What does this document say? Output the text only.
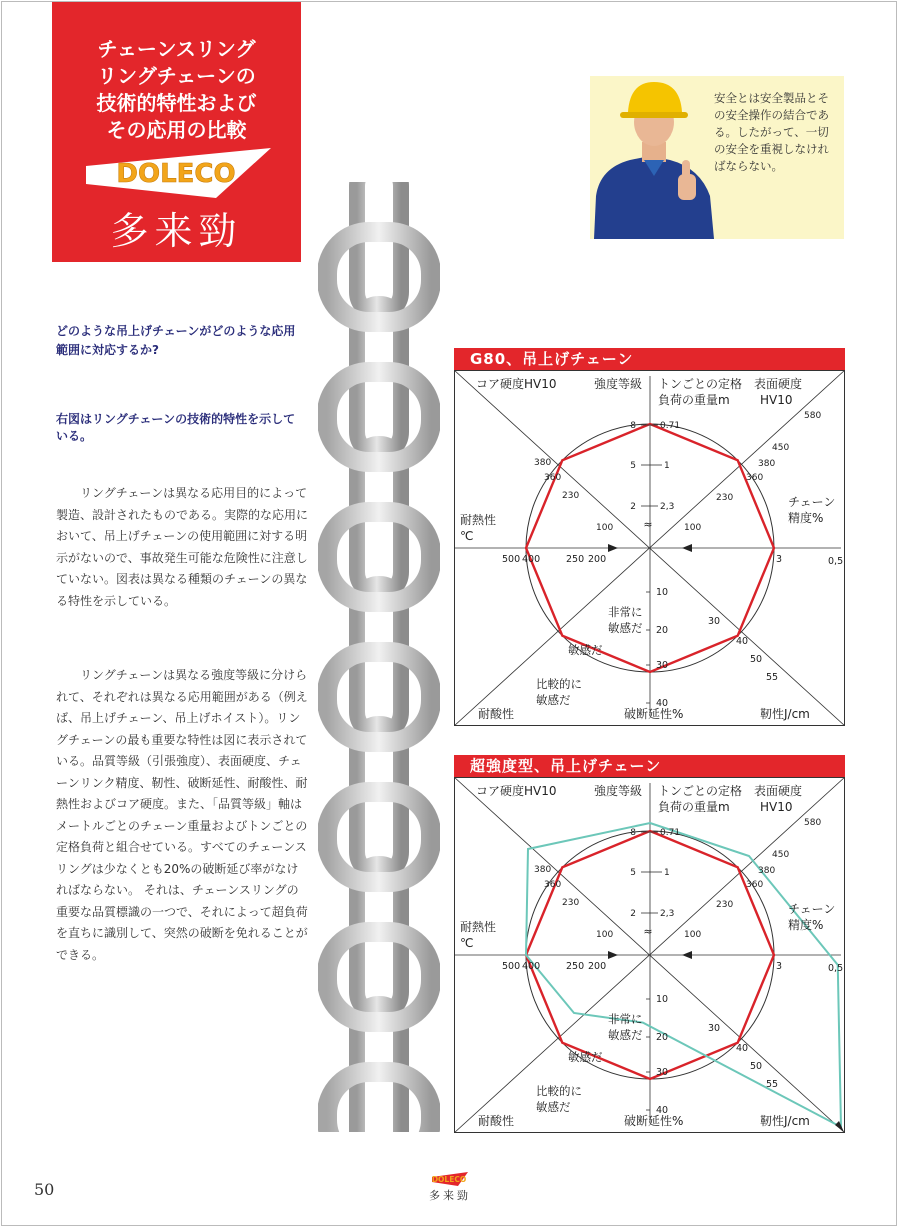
チェーンスリング
リングチェーンの
技術的特性および
その応用の比較
DOLECO
多来勁
安全とは安全製品とその安全操作の結合である。したがって、一切の安全を重視しなければならない。
どのような吊上げチェーンがどのような応用範囲に対応するか?
右図はリングチェーンの技術的特性を示している。
リングチェーンは異なる応用目的によって製造、設計されたものである。実際的な応用において、吊上げチェーンの使用範囲に対する明示がないので、事故発生可能な危険性に注意していない。図表は異なる種類のチェーンの異なる特性を示している。
リングチェーンは異なる強度等級に分けられて、それぞれは異なる応用範囲がある（例えば、吊上げチェーン、吊上げホイスト）。リングチェーンの最も重要な特性は図に表示されている。品質等級（引張強度）、表面硬度、チェーンリンク精度、靭性、破断延性、耐酸性、耐熱性およびコア硬度。また、「品質等級」軸はメートルごとのチェーン重量およびトンごとの定格負荷と組合せている。すべてのチェーンスリングは少なくとも20%の破断延び率がなければならない。 それは、チェーンスリングの重要な品質標識の一つで、それによって超負荷を直ちに識別して、突然の破断を免れることができる。
G80、吊上げチェーン
コア硬度HV10	強度等級 トンごとの定格
負荷の重量m
表面硬度
HV10
耐熱性
℃
チェーン
精度%
耐酸性	破断延性%	靭性J/cm
非常に
敏感だ
敏感だ
比較的に
敏感だ
8
5
2
0.71
1
2,3
≈
380
360
230
100
580
450
380
360
230
100
500 400	250 200	3	0,5
10
20
30
40
30
40
50
55
超強度型、吊上げチェーン
コア硬度HV10	強度等級 トンごとの定格
負荷の重量m
表面硬度
HV10
耐熱性
℃
チェーン
精度%
耐酸性	破断延性%	靭性J/cm
非常に
敏感だ
敏感だ
比較的に
敏感だ
8
5
2
0.71
1
2,3
≈
380
360
230
100
580
450
380
360
230
100
500 400	250 200	3	0,5
10
20
30
40
30
40
50
55
DOLECO
多来勁
50
